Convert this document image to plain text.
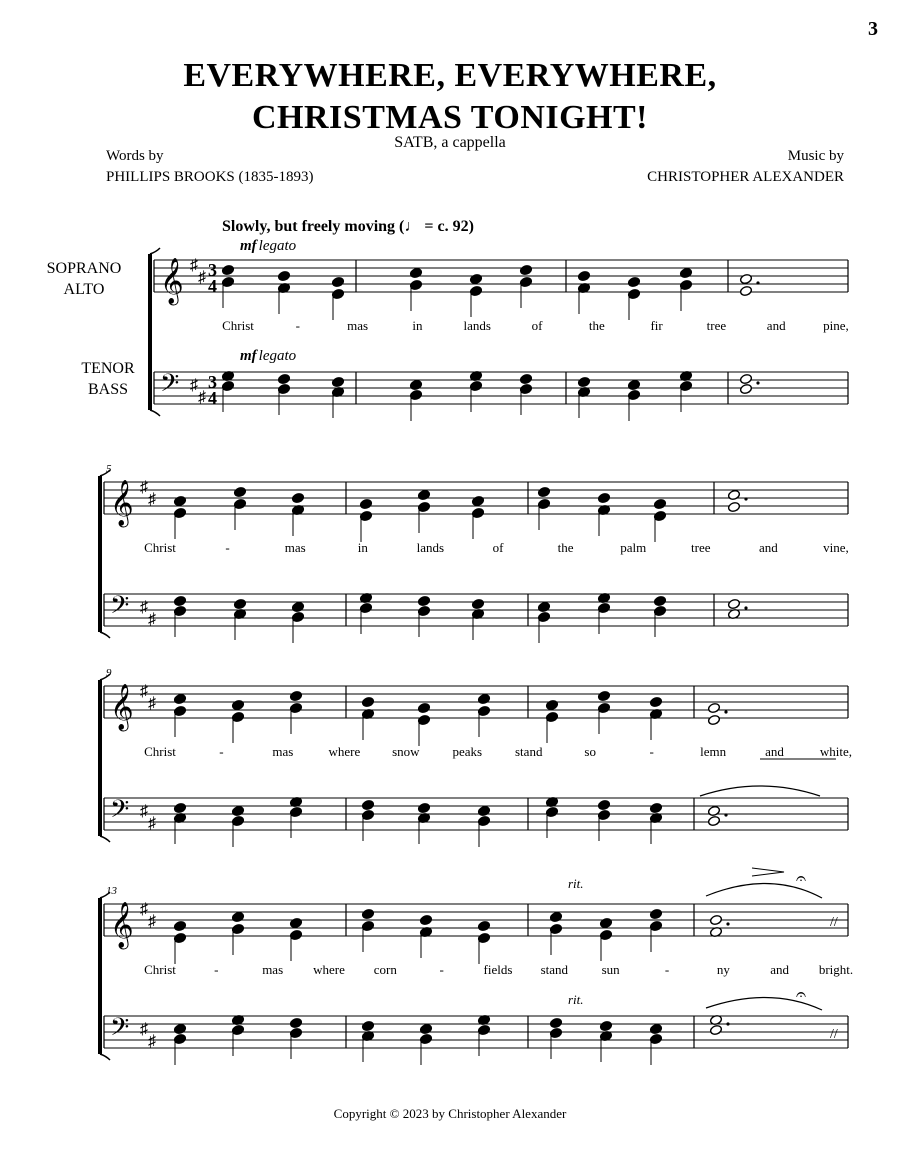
3
EVERYWHERE, EVERYWHERE,
CHRISTMAS TONIGHT!
SATB, a cappella
Words by
PHILLIPS BROOKS (1835-1893)
Music by
CHRISTOPHER ALEXANDER
Slowly, but freely moving (♩ = c. 92)
SOPRANO
ALTO
TENOR
BASS
𝄞
𝄢
♯
♯
♯
♯
3
4
3
4
mf legato
mf legato
Christ	-	mas	in	lands	of	the	fir	tree	and	pine,
𝄞
𝄢
♯
♯
♯
♯
5
Christ	-	mas	in	lands	of	the	palm	tree	and	vine,
𝄞
𝄢
♯
♯
♯
♯
9
Christ	-	mas	where snow	peaks	stand	so	-	lemn	and	white,
𝄞
𝄢
♯
♯
♯
♯
13
Christ	-	mas where corn	-	fields stand	sun	-	ny	and bright.
rit.
rit.
𝄐
𝄐
//
//
Copyright © 2023 by Christopher Alexander
